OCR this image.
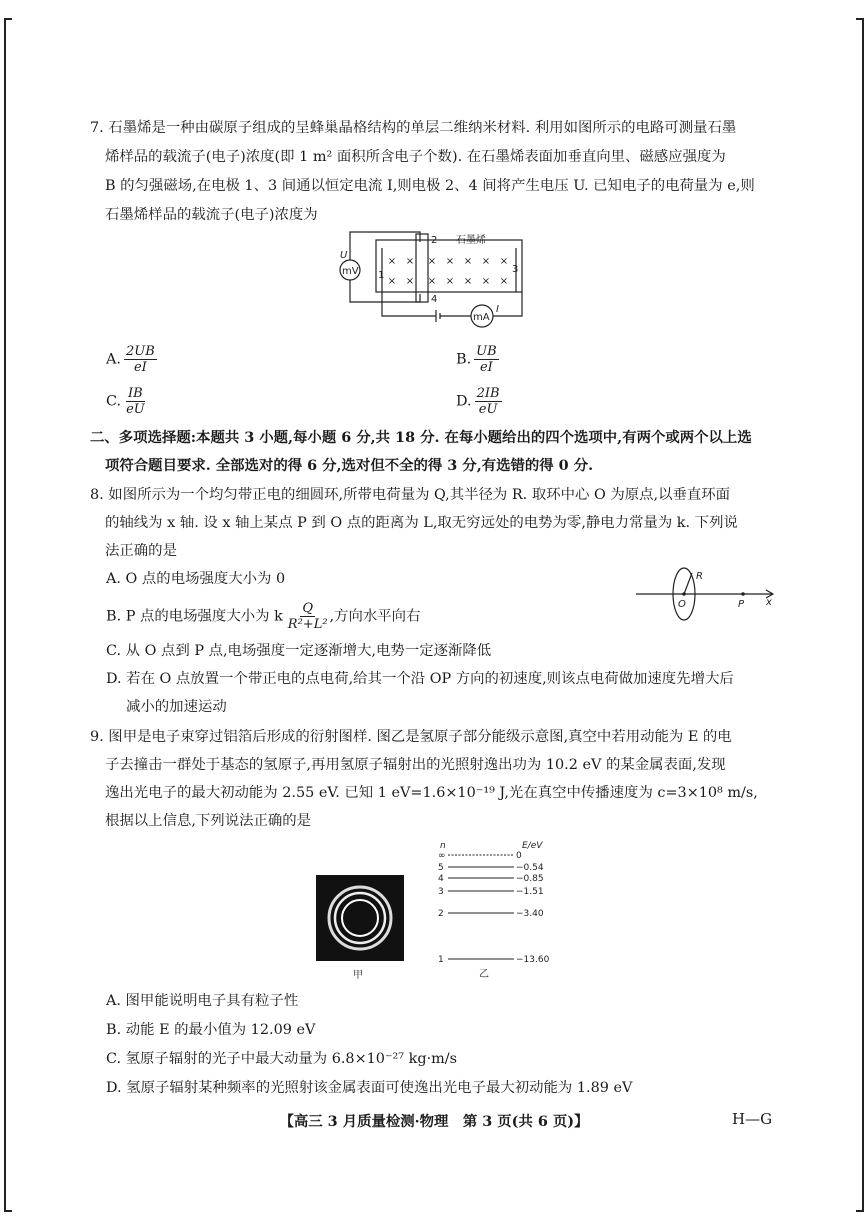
7. 石墨烯是一种由碳原子组成的呈蜂巢晶格结构的单层二维纳米材料. 利用如图所示的电路可测量石墨
烯样品的载流子(电子)浓度(即 1 m² 面积所含电子个数). 在石墨烯表面加垂直向里、磁感应强度为
B 的匀强磁场,在电极 1、3 间通以恒定电流 I,则电极 2、4 间将产生电压 U. 已知电子的电荷量为 e,则
石墨烯样品的载流子(电子)浓度为
× × × × × × ×
× × × × × × ×
mV
U
mA
I
1
2
3
4
石墨烯
A. $\frac{2UB}{eI}$	B. $\frac{UB}{eI}$
C. $\frac{IB}{eU}$	D. $\frac{2IB}{eU}$
二、多项选择题:本题共 3 小题,每小题 6 分,共 18 分. 在每小题给出的四个选项中,有两个或两个以上选
项符合题目要求. 全部选对的得 6 分,选对但不全的得 3 分,有选错的得 0 分.
8. 如图所示为一个均匀带正电的细圆环,所带电荷量为 Q,其半径为 R. 取环中心 O 为原点,以垂直环面
的轴线为 x 轴. 设 x 轴上某点 P 到 O 点的距离为 L,取无穷远处的电势为零,静电力常量为 k. 下列说
法正确的是
A. O 点的电场强度大小为 0
B. P 点的电场强度大小为 k $\frac{Q}{\text{R²+L²}}$ ,方向水平向右
C. 从 O 点到 P 点,电场强度一定逐渐增大,电势一定逐渐降低
D. 若在 O 点放置一个带正电的点电荷,给其一个沿 OP 方向的初速度,则该点电荷做加速度先增大后
减小的加速运动
R
O	P x
9. 图甲是电子束穿过铝箔后形成的衍射图样. 图乙是氢原子部分能级示意图,真空中若用动能为 E 的电
子去撞击一群处于基态的氢原子,再用氢原子辐射出的光照射逸出功为 10.2 eV 的某金属表面,发现
逸出光电子的最大初动能为 2.55 eV. 已知 1 eV=1.6×10⁻¹⁹ J,光在真空中传播速度为 c=3×10⁸ m/s,
根据以上信息,下列说法正确的是
甲
n	E/eV
∞	0
5	−0.54
4	−0.85
3	−1.51
2	−3.40
1	−13.60
乙
A. 图甲能说明电子具有粒子性
B. 动能 E 的最小值为 12.09 eV
C. 氢原子辐射的光子中最大动量为 6.8×10⁻²⁷ kg·m/s
D. 氢原子辐射某种频率的光照射该金属表面可使逸出光电子最大初动能为 1.89 eV
【高三 3 月质量检测·物理　第 3 页(共 6 页)】	H—G
